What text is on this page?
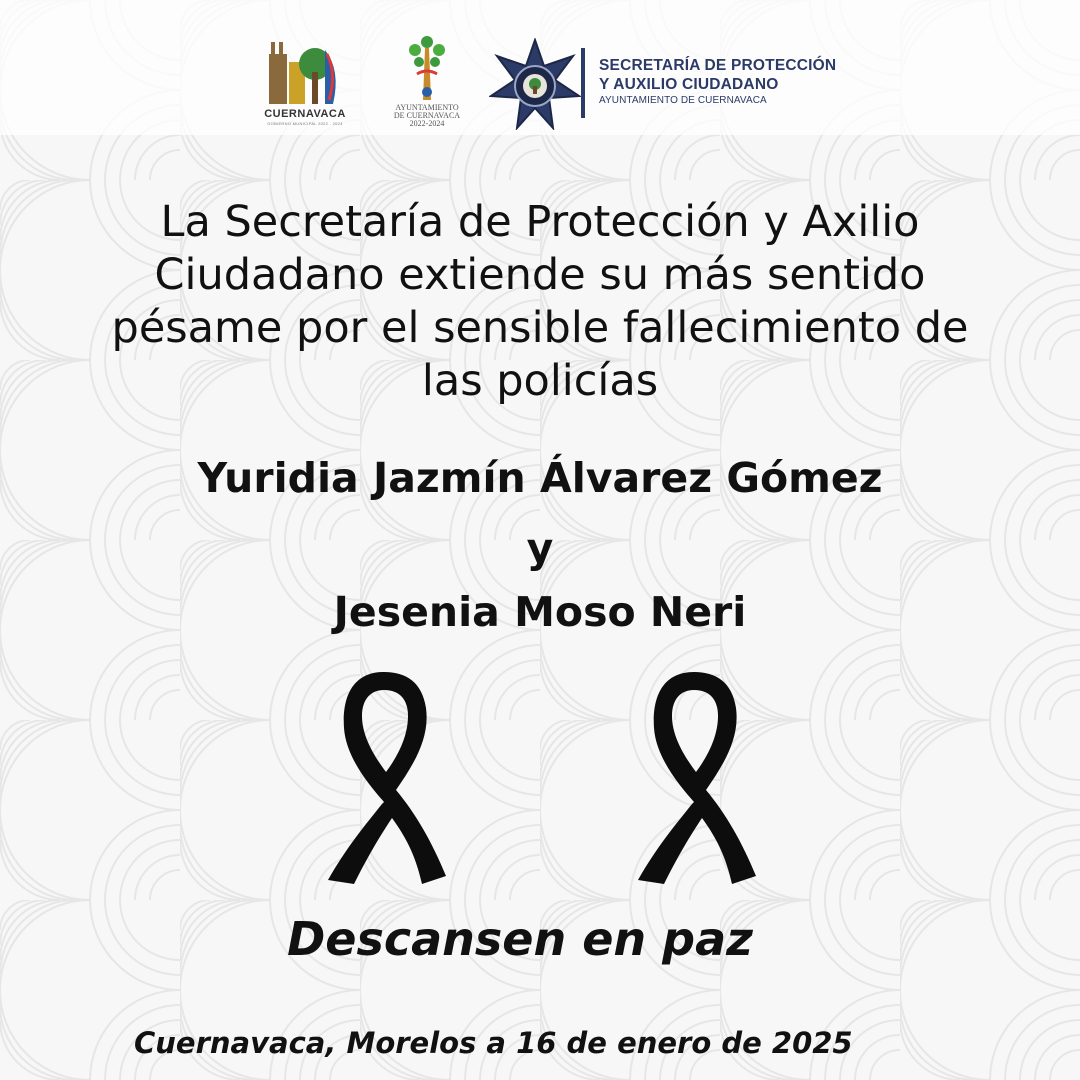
CUERNAVACA
GOBIERNO MUNICIPAL 2022 - 2024
AYUNTAMIENTO
DE CUERNAVACA
2022-2024
SECRETARÍA DE PROTECCIÓN
Y AUXILIO CIUDADANO
AYUNTAMIENTO DE CUERNAVACA
La Secretaría de Protección y Axilio
Ciudadano extiende su más sentido
pésame por el sensible fallecimiento de
las policías
Yuridia Jazmín Álvarez Gómez
y
Jesenia Moso Neri
Descansen en paz
Cuernavaca, Morelos a 16 de enero de 2025
